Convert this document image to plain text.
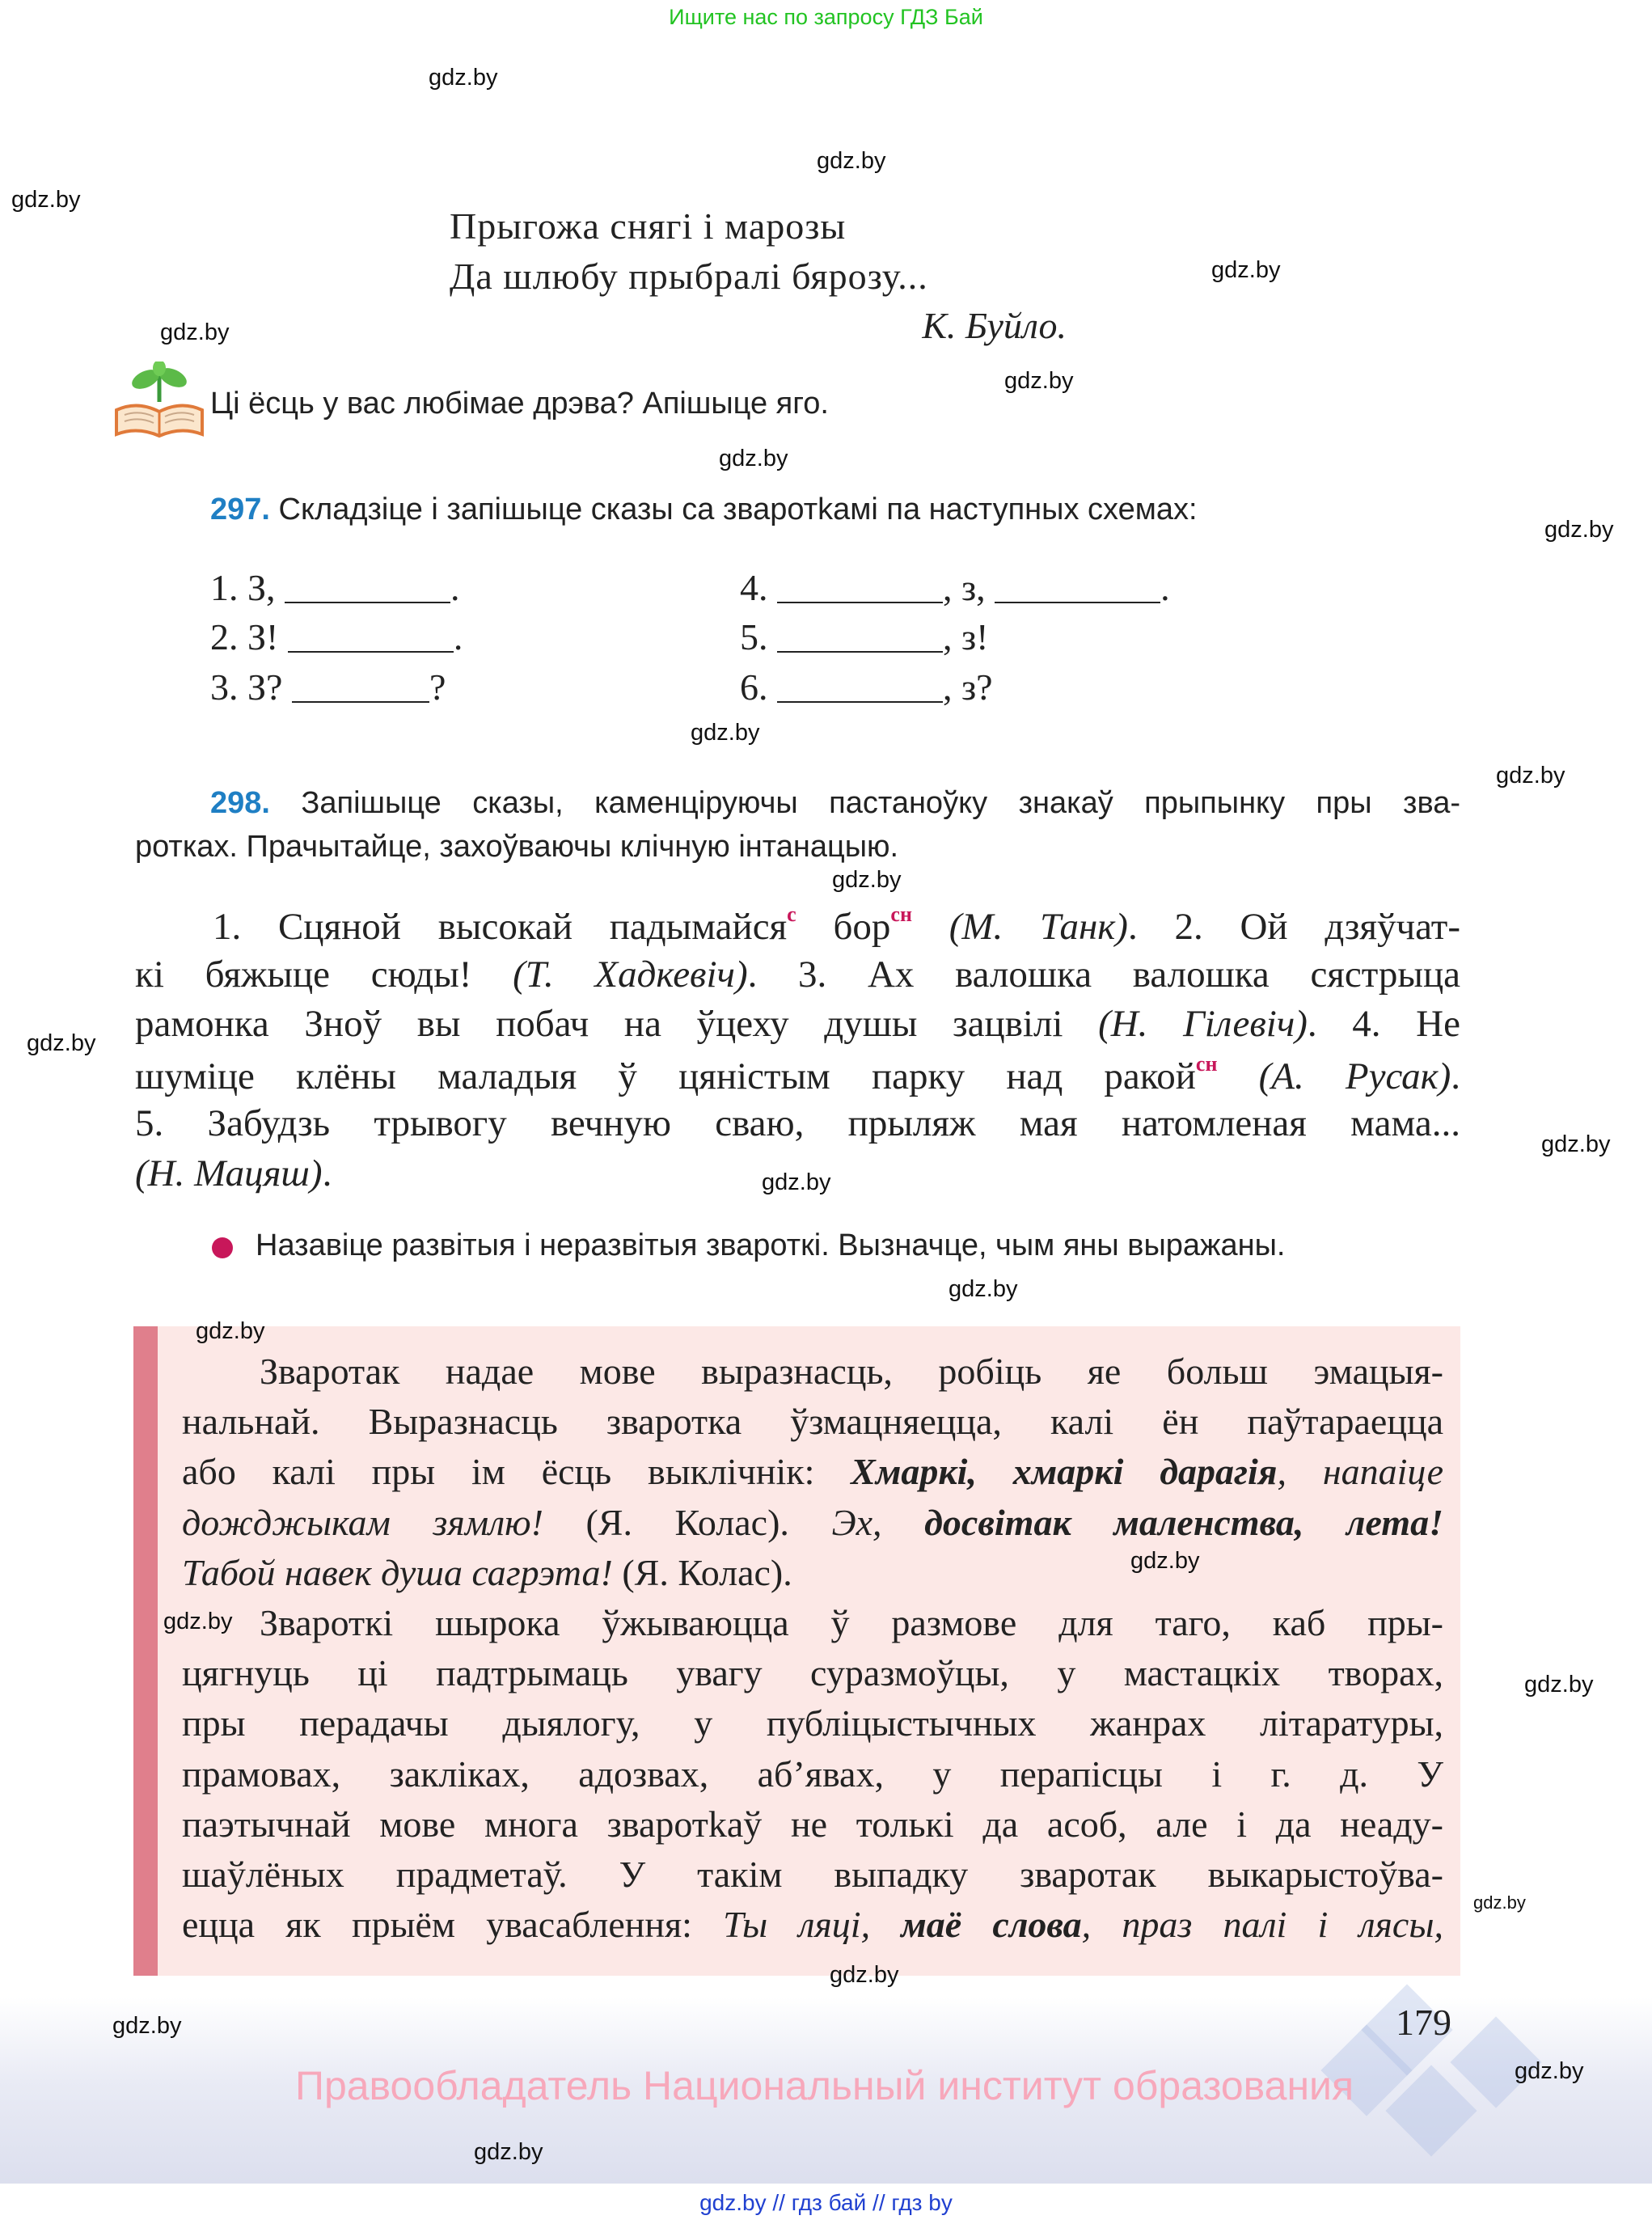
Ищите нас по запросу ГДЗ Бай
Прыгожа снягі і марозы
Да шлюбу прыбралі бярозу...
К. Буйло.
Ці ёсць у вас любімае дрэва? Апішыце яго.
297. Складзіце і запішыце сказы са зваротkaмі па наступных схемах:
1. З,	.
2. З!	.
3. З?	?
4.	, з,	.
5.	, з!
6.	, з?
298. Запішыце сказы, каменціруючы пастаноўку знакаў прыпынку пры зва-
ротках. Прачытайце, захоўваючы клічную інтанацыю.
1. Сцяной высокай падымайся$^с$ бор$^{сн}$ (М. Танк). 2. Ой дзяўчат-
кі бяжыце сюды! (Т. Хадкевіч). 3. Ах валошка валошка сястрыца
рамонка Зноў вы побач на ўцеху душы зацвілі (Н. Гілевіч). 4. Не
шуміце клёны маладыя ў цяністым парку над ракой$^{сн}$ (А. Русак).
5. Забудзь трывогу вечную сваю, прыляж мая натомленая мама...
(Н. Мацяш).
Назавіце развітыя і неразвітыя звароткі. Вызначце, чым яны выражаны.
Зваротак надае мове выразнасць, робіць яе больш эмацыя-
нальнай. Выразнасць зваротка ўзмацняецца, калі ён паўтараецца
або калі пры ім ёсць выклічнік: Хмаркі, хмаркі дарагія, напаіце
дожджыкам зямлю! (Я. Колас). Эх, досвітак маленства, лета!
Табой навек душа сагрэта! (Я. Колас).
Звароткі шырока ўжываюцца ў размове для таго, каб пры-
цягнуць ці падтрымаць увагу суразмоўцы, у мастацкіх творах,
пры перадачы дыялогу, у публіцыстычных жанрах літаратуры,
прамовах, закліках, адозвах, аб’явах, у перапісцы і г. д. У
паэтычнай мове многа зваротkaў не толькі да асоб, але і да неаду-
шаўлёных прадметаў. У такім выпадку зваротак выкарыстоўва-
ецца як прыём увасаблення: Ты ляці, маё слова, праз палі і лясы,
179
Правообладатель Национальный институт образования
gdz.by // гдз бай // гдз by
gdz.by
gdz.by
gdz.by
gdz.by
gdz.by
gdz.by
gdz.by
gdz.by
gdz.by
gdz.by
gdz.by
gdz.by
gdz.by
gdz.by
gdz.by
gdz.by
gdz.by
gdz.by
gdz.by
gdz.by
gdz.by
gdz.by
gdz.by
gdz.by
